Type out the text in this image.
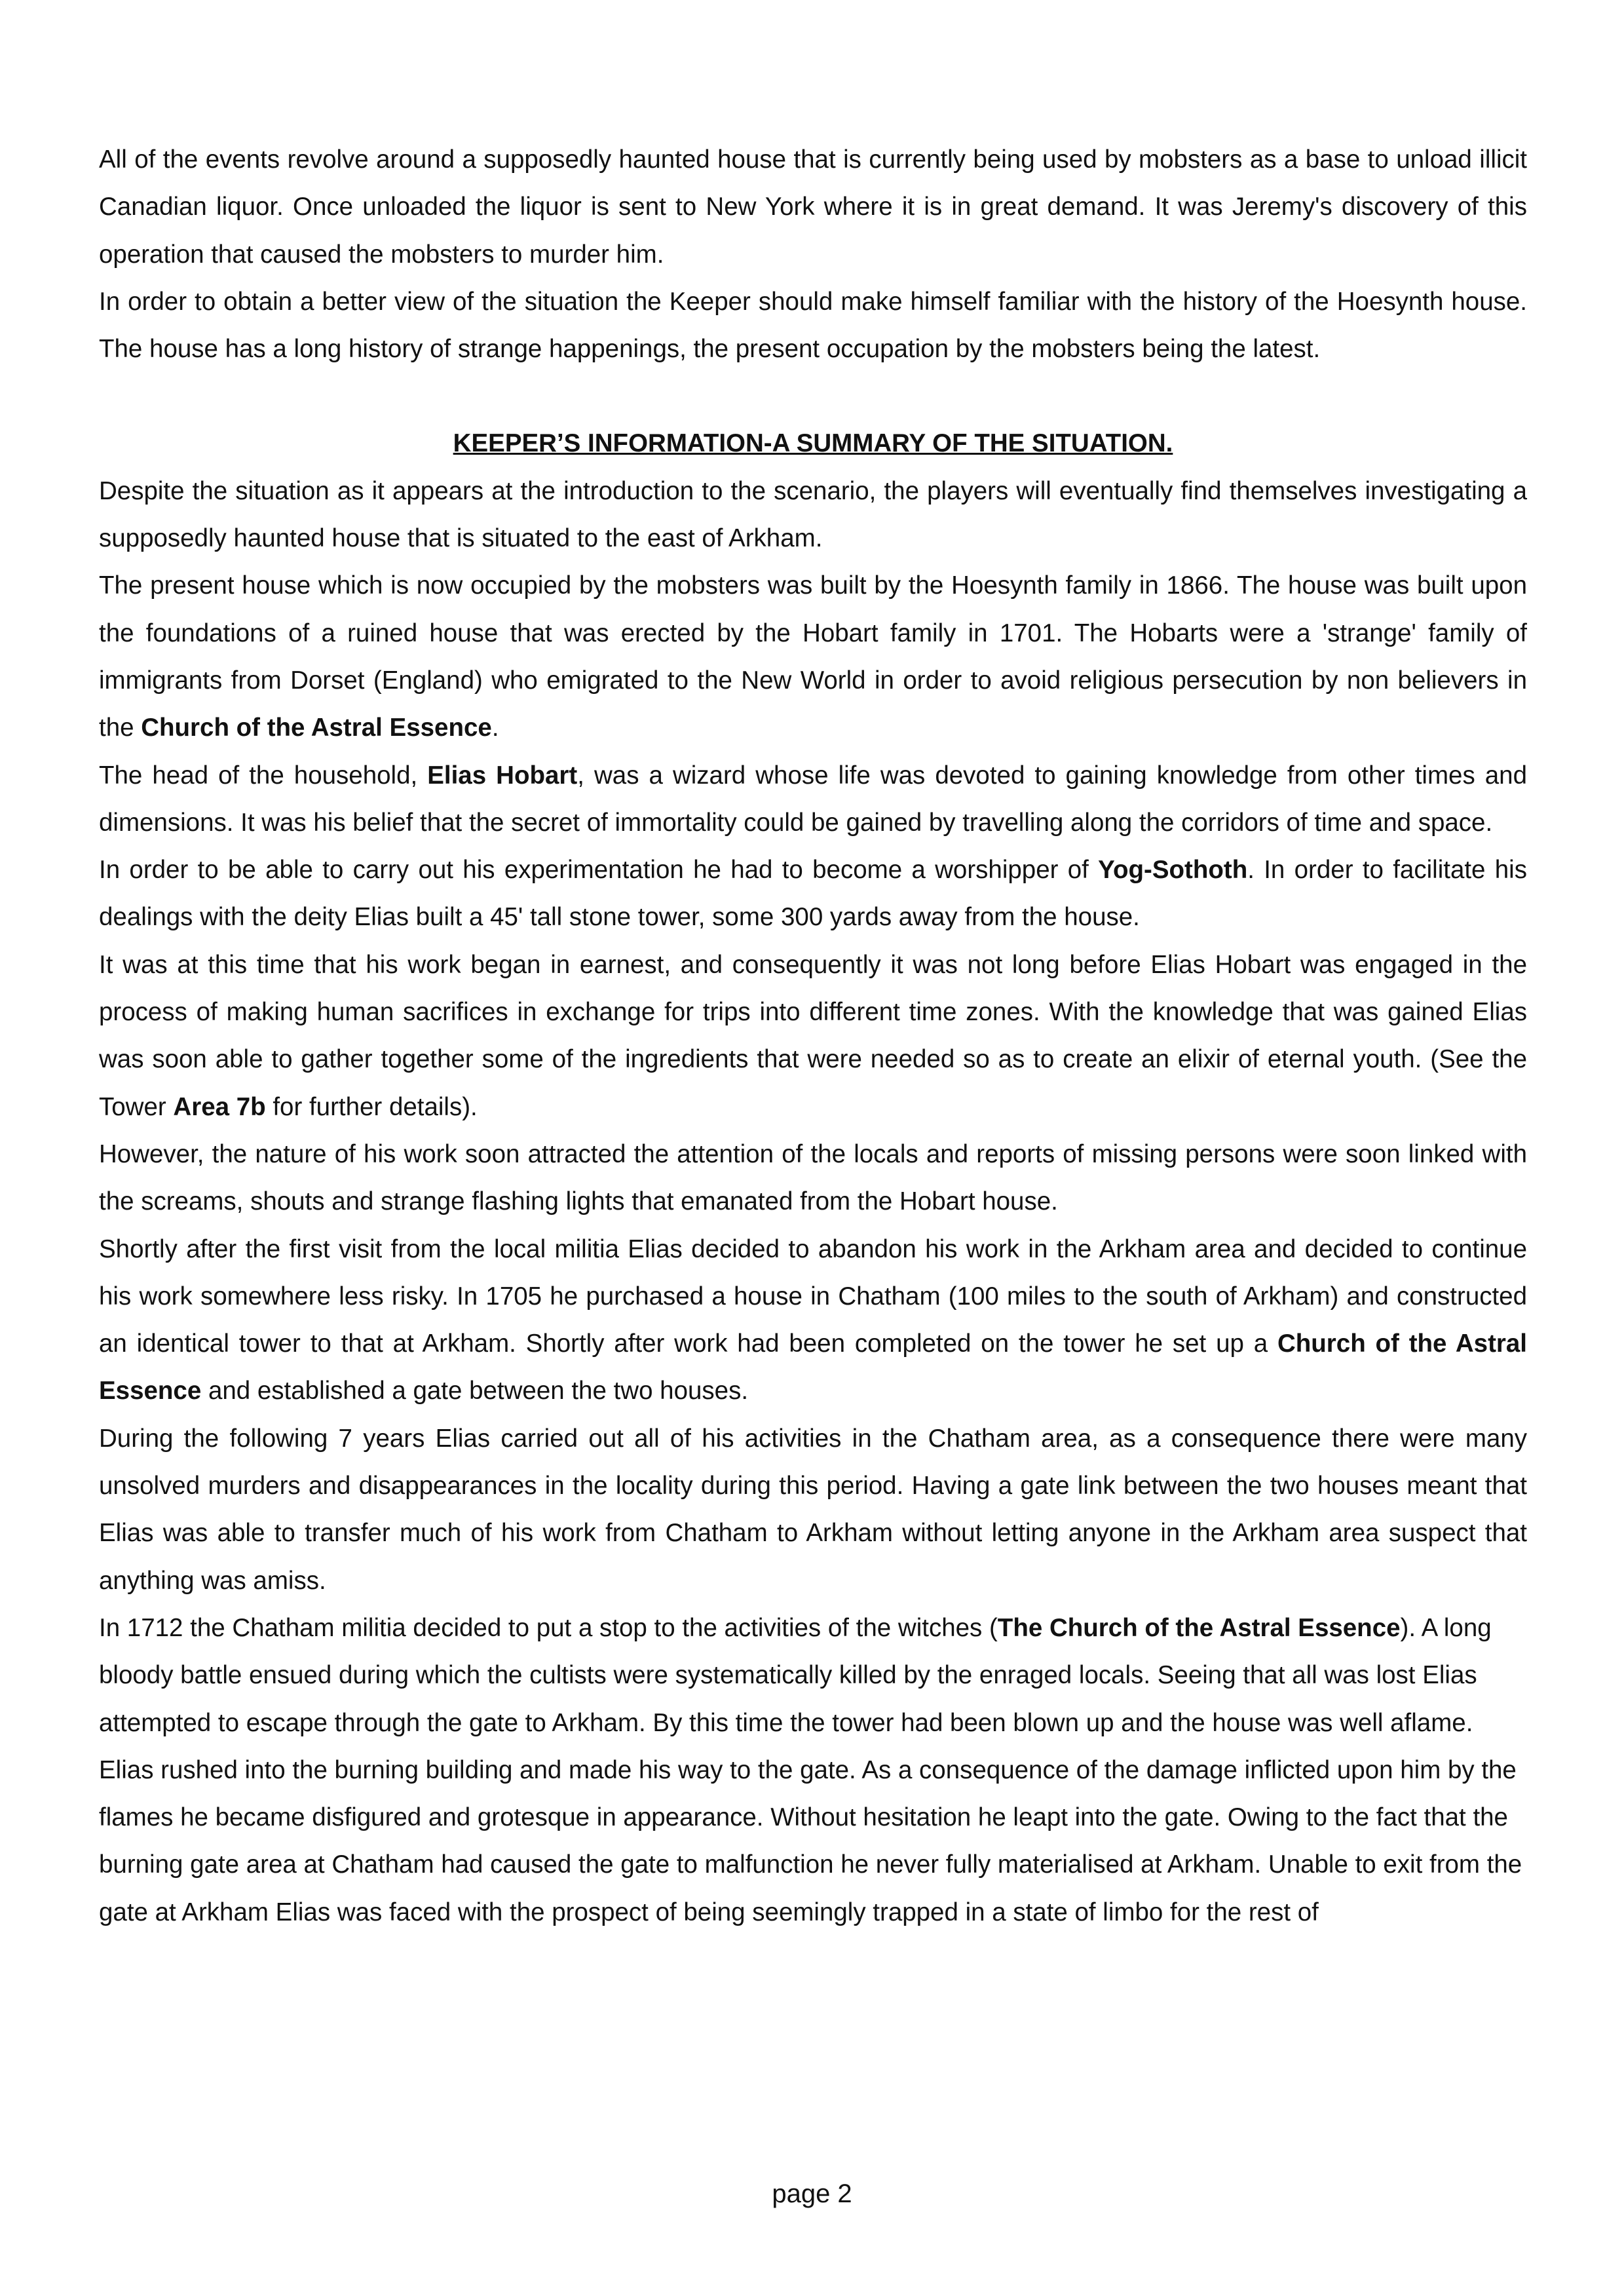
All of the events revolve around a supposedly haunted house that is currently being used by mobsters as a base to unload illicit Canadian liquor. Once unloaded the liquor is sent to New York where it is in great demand. It was Jeremy's discovery of this operation that caused the mobsters to murder him.

In order to obtain a better view of the situation the Keeper should make himself familiar with the history of the Hoesynth house. The house has a long history of strange happenings, the present occupation by the mobsters being the latest.

KEEPER’S INFORMATION-A SUMMARY OF THE SITUATION.

Despite the situation as it appears at the introduction to the scenario, the players will eventually find themselves investigating a supposedly haunted house that is situated to the east of Arkham.

The present house which is now occupied by the mobsters was built by the Hoesynth family in 1866. The house was built upon the foundations of a ruined house that was erected by the Hobart family in 1701. The Hobarts were a 'strange' family of immigrants from Dorset (England) who emigrated to the New World in order to avoid religious persecution by non believers in the Church of the Astral Essence.

The head of the household, Elias Hobart, was a wizard whose life was devoted to gaining knowledge from other times and dimensions. It was his belief that the secret of immortality could be gained by travelling along the corridors of time and space.

In order to be able to carry out his experimentation he had to become a worshipper of Yog-Sothoth. In order to facilitate his dealings with the deity Elias built a 45' tall stone tower, some 300 yards away from the house.

It was at this time that his work began in earnest, and consequently it was not long before Elias Hobart was engaged in the process of making human sacrifices in exchange for trips into different time zones. With the knowledge that was gained Elias was soon able to gather together some of the ingredients that were needed so as to create an elixir of eternal youth. (See the Tower Area 7b for further details).

However, the nature of his work soon attracted the attention of the locals and reports of missing persons were soon linked with the screams, shouts and strange flashing lights that emanated from the Hobart house.

Shortly after the first visit from the local militia Elias decided to abandon his work in the Arkham area and decided to continue his work somewhere less risky. In 1705 he purchased a house in Chatham (100 miles to the south of Arkham) and constructed an identical tower to that at Arkham. Shortly after work had been completed on the tower he set up a Church of the Astral Essence and established a gate between the two houses.

During the following 7 years Elias carried out all of his activities in the Chatham area, as a consequence there were many unsolved murders and disappearances in the locality during this period. Having a gate link between the two houses meant that Elias was able to transfer much of his work from Chatham to Arkham without letting anyone in the Arkham area suspect that anything was amiss.

In 1712 the Chatham militia decided to put a stop to the activities of the witches (The Church of the Astral Essence). A long bloody battle ensued during which the cultists were systematically killed by the enraged locals. Seeing that all was lost Elias attempted to escape through the gate to Arkham. By this time the tower had been blown up and the house was well aflame. Elias rushed into the burning building and made his way to the gate. As a consequence of the damage inflicted upon him by the flames he became disfigured and grotesque in appearance. Without hesitation he leapt into the gate. Owing to the fact that the burning gate area at Chatham had caused the gate to malfunction he never fully materialised at Arkham. Unable to exit from the gate at Arkham Elias was faced with the prospect of being seemingly trapped in a state of limbo for the rest of

page 2
